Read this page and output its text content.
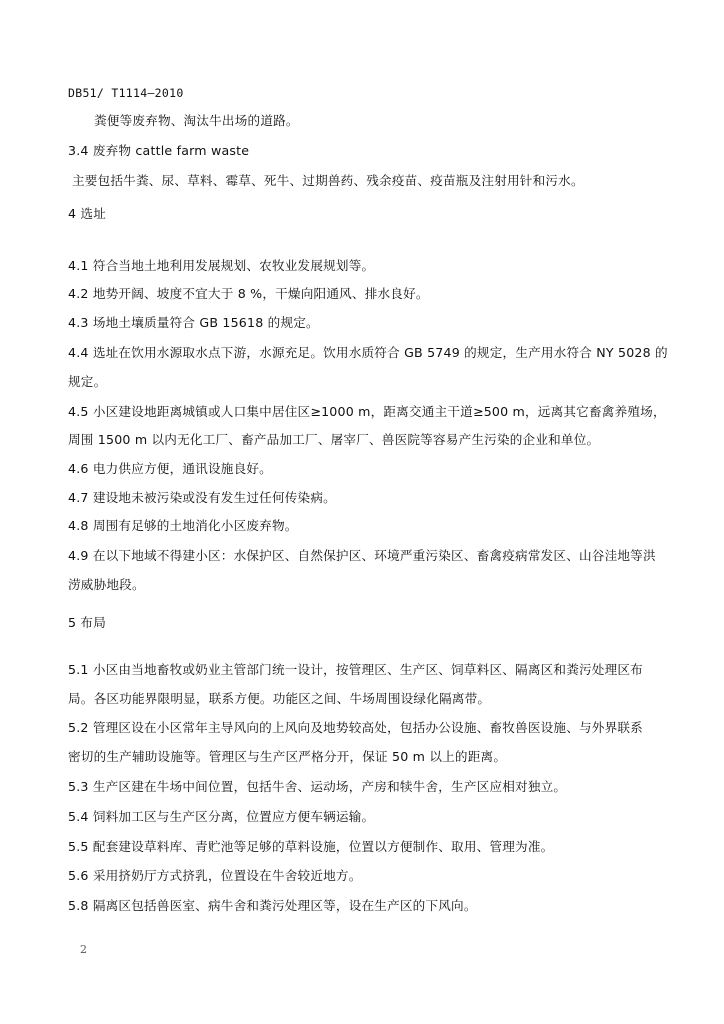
DB51/ T1114—2010
粪便等废弃物、淘汰牛出场的道路。
3.4 废弃物 cattle farm waste
主要包括牛粪、尿、草料、霉草、死牛、过期兽药、残余疫苗、疫苗瓶及注射用针和污水。
4 选址
4.1 符合当地土地利用发展规划、农牧业发展规划等。
4.2 地势开阔、坡度不宜大于 8 %，干燥向阳通风、排水良好。
4.3 场地土壤质量符合 GB 15618 的规定。
4.4 选址在饮用水源取水点下游，水源充足。饮用水质符合 GB 5749 的规定，生产用水符合 NY 5028 的
规定。
4.5 小区建设地距离城镇或人口集中居住区≥1000 m，距离交通主干道≥500 m，远离其它畜禽养殖场，
周围 1500 m 以内无化工厂、畜产品加工厂、屠宰厂、兽医院等容易产生污染的企业和单位。
4.6 电力供应方便，通讯设施良好。
4.7 建设地未被污染或没有发生过任何传染病。
4.8 周围有足够的土地消化小区废弃物。
4.9 在以下地域不得建小区：水保护区、自然保护区、环境严重污染区、畜禽疫病常发区、山谷洼地等洪
涝威胁地段。
5 布局
5.1 小区由当地畜牧或奶业主管部门统一设计，按管理区、生产区、饲草料区、隔离区和粪污处理区布
局。各区功能界限明显，联系方便。功能区之间、牛场周围设绿化隔离带。
5.2 管理区设在小区常年主导风向的上风向及地势较高处，包括办公设施、畜牧兽医设施、与外界联系
密切的生产辅助设施等。管理区与生产区严格分开，保证 50 m 以上的距离。
5.3 生产区建在牛场中间位置，包括牛舍、运动场，产房和犊牛舍，生产区应相对独立。
5.4 饲料加工区与生产区分离，位置应方便车辆运输。
5.5 配套建设草料库、青贮池等足够的草料设施，位置以方便制作、取用、管理为准。
5.6 采用挤奶厅方式挤乳，位置设在牛舍较近地方。
5.8 隔离区包括兽医室、病牛舍和粪污处理区等，设在生产区的下风向。
2
